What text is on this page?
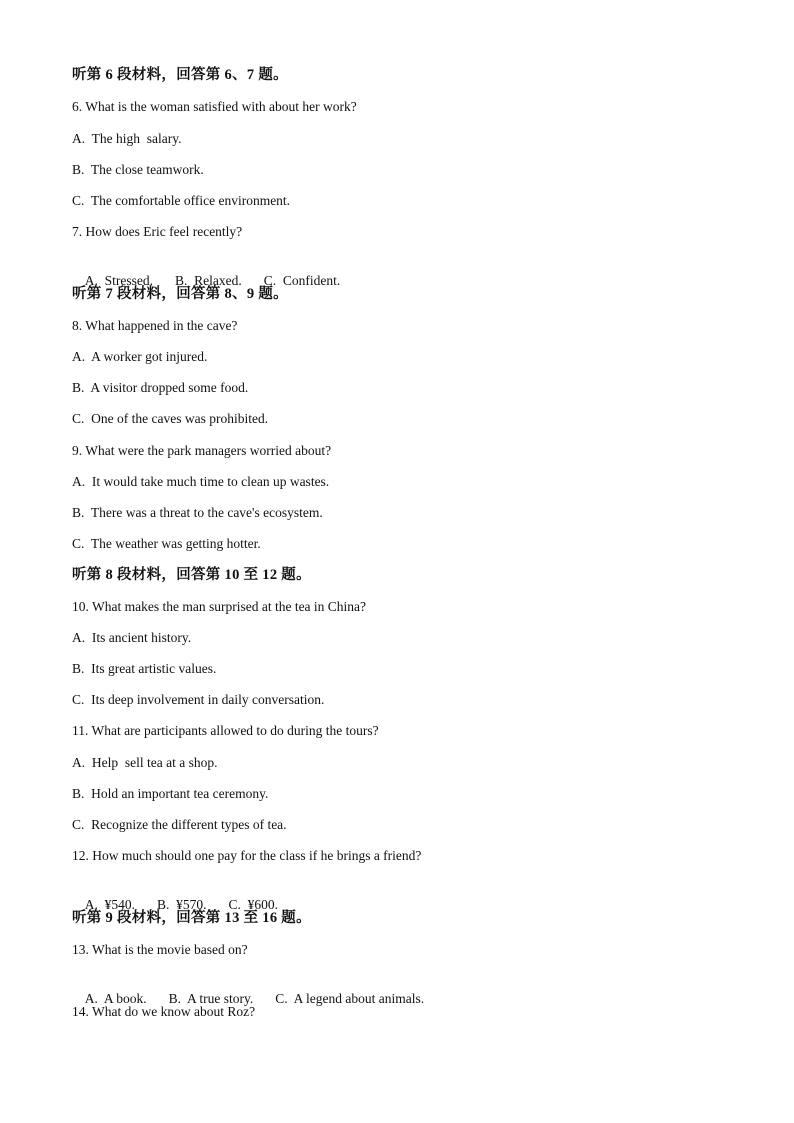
听第 6 段材料，回答第 6、7 题。
6. What is the woman satisfied with about her work?
A.  The high  salary.
B.  The close teamwork.
C.  The comfortable office environment.
7. How does Eric feel recently?

A.  Stressed. B.  Relaxed. C.  Confident.

听第 7 段材料，回答第 8、9 题。
8. What happened in the cave?
A.  A worker got injured.
B.  A visitor dropped some food.
C.  One of the caves was prohibited.
9. What were the park managers worried about?
A.  It would take much time to clean up wastes.
B.  There was a threat to the cave's ecosystem.
C.  The weather was getting hotter.
听第 8 段材料，回答第 10 至 12 题。
10. What makes the man surprised at the tea in China?
A.  Its ancient history.
B.  Its great artistic values.
C.  Its deep involvement in daily conversation.
11. What are participants allowed to do during the tours?
A.  Help  sell tea at a shop.
B.  Hold an important tea ceremony.
C.  Recognize the different types of tea.
12. How much should one pay for the class if he brings a friend?

A.  ¥540. B.  ¥570. C.  ¥600.

听第 9 段材料，回答第 13 至 16 题。
13. What is the movie based on?

A.  A book. B.  A true story. C.  A legend about animals.

14. What do we know about Roz?
